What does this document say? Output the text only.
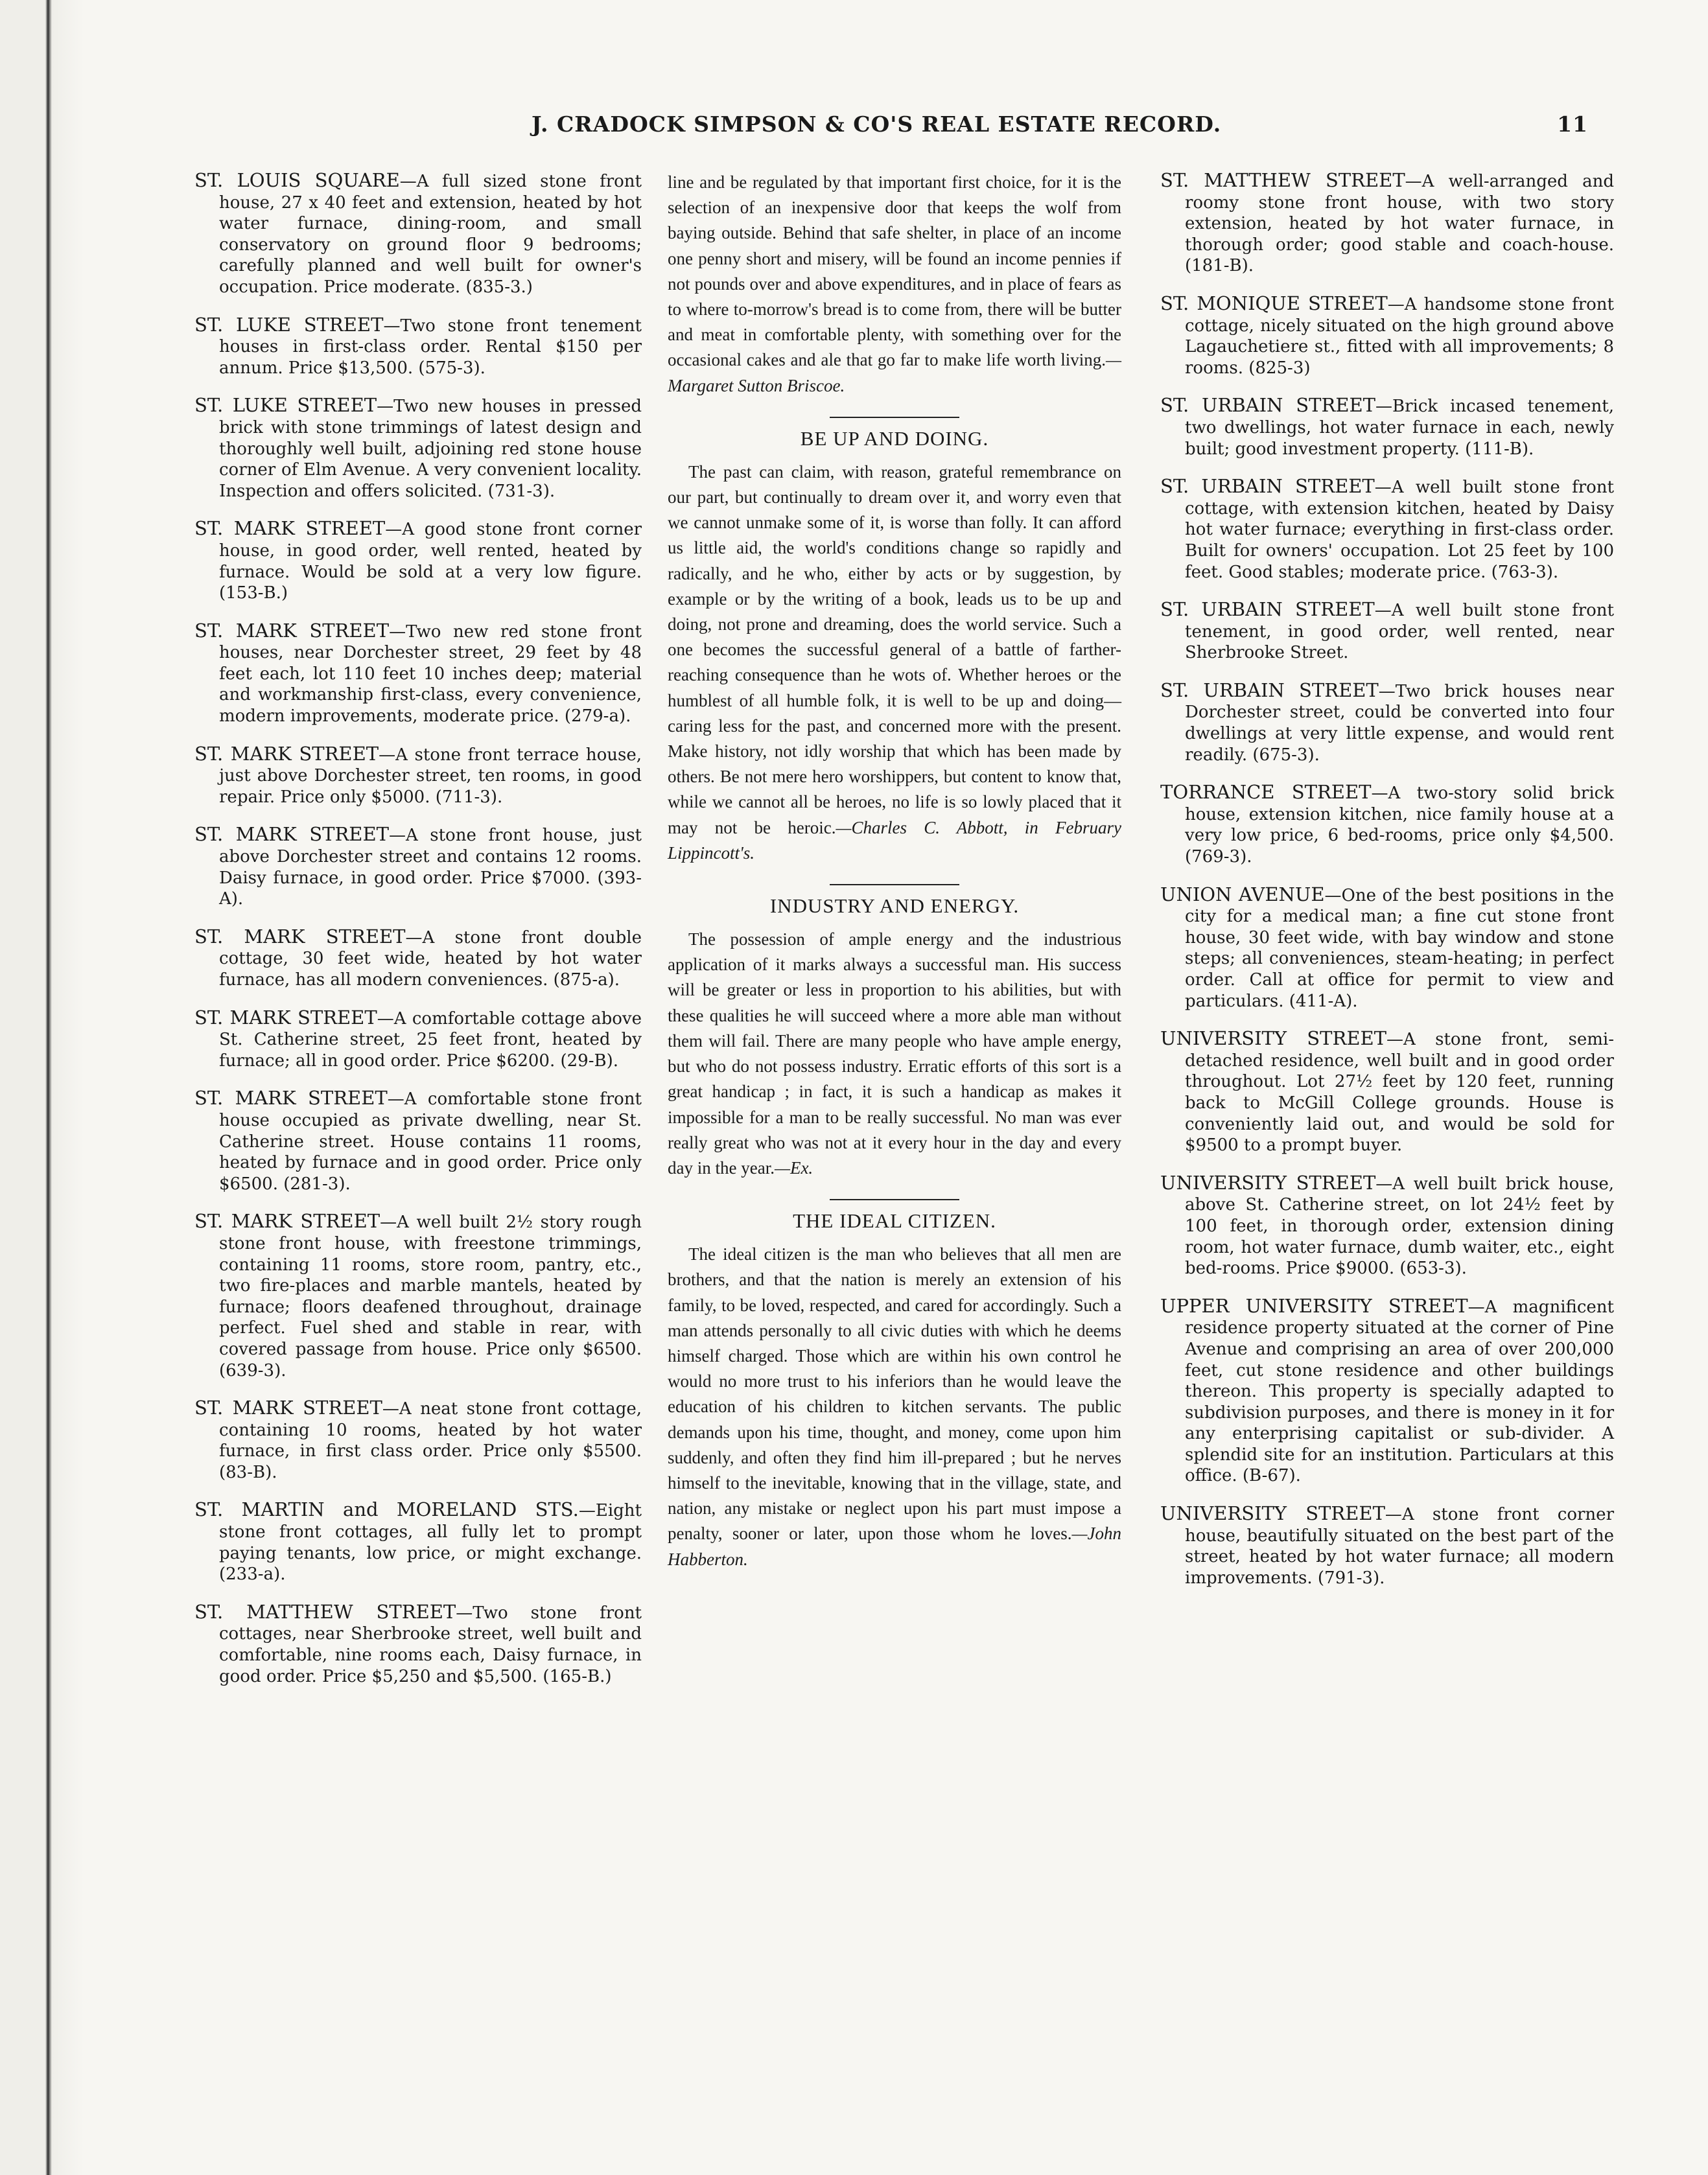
J. CRADOCK SIMPSON & CO'S REAL ESTATE RECORD.	11

ST. LOUIS SQUARE—A full sized stone front house, 27 x 40 feet and extension, heated by hot water furnace, dining-room, and small conservatory on ground floor 9 bedrooms; carefully planned and well built for owner's occupation. Price moderate. (835-3.)

ST. LUKE STREET—Two stone front tenement houses in first-class order. Rental $150 per annum. Price $13,500. (575-3).

ST. LUKE STREET—Two new houses in pressed brick with stone trimmings of latest design and thoroughly well built, adjoining red stone house corner of Elm Avenue. A very convenient locality. Inspection and offers solicited. (731-3).

ST. MARK STREET—A good stone front corner house, in good order, well rented, heated by furnace. Would be sold at a very low figure. (153-B.)

ST. MARK STREET—Two new red stone front houses, near Dorchester street, 29 feet by 48 feet each, lot 110 feet 10 inches deep; material and workmanship first-class, every convenience, modern improvements, moderate price. (279-a).

ST. MARK STREET—A stone front terrace house, just above Dorchester street, ten rooms, in good repair. Price only $5000. (711-3).

ST. MARK STREET—A stone front house, just above Dorchester street and contains 12 rooms. Daisy furnace, in good order. Price $7000. (393-A).

ST. MARK STREET—A stone front double cottage, 30 feet wide, heated by hot water furnace, has all modern conveniences. (875-a).

ST. MARK STREET—A comfortable cottage above St. Catherine street, 25 feet front, heated by furnace; all in good order. Price $6200. (29-B).

ST. MARK STREET—A comfortable stone front house occupied as private dwelling, near St. Catherine street. House contains 11 rooms, heated by furnace and in good order. Price only $6500. (281-3).

ST. MARK STREET—A well built 2½ story rough stone front house, with freestone trimmings, containing 11 rooms, store room, pantry, etc., two fire-places and marble mantels, heated by furnace; floors deafened throughout, drainage perfect. Fuel shed and stable in rear, with covered passage from house. Price only $6500. (639-3).

ST. MARK STREET—A neat stone front cottage, containing 10 rooms, heated by hot water furnace, in first class order. Price only $5500. (83-B).

ST. MARTIN and MORELAND STS.—Eight stone front cottages, all fully let to prompt paying tenants, low price, or might exchange. (233-a).

ST. MATTHEW STREET—Two stone front cottages, near Sherbrooke street, well built and comfortable, nine rooms each, Daisy furnace, in good order. Price $5,250 and $5,500. (165-B.)

line and be regulated by that important first choice, for it is the selection of an inexpensive door that keeps the wolf from baying outside. Behind that safe shelter, in place of an income one penny short and misery, will be found an income pennies if not pounds over and above expenditures, and in place of fears as to where to-morrow's bread is to come from, there will be butter and meat in comfortable plenty, with something over for the occasional cakes and ale that go far to make life worth living.—Margaret Sutton Briscoe.

BE UP AND DOING.

The past can claim, with reason, grateful remembrance on our part, but continually to dream over it, and worry even that we cannot unmake some of it, is worse than folly. It can afford us little aid, the world's conditions change so rapidly and radically, and he who, either by acts or by suggestion, by example or by the writing of a book, leads us to be up and doing, not prone and dreaming, does the world service. Such a one becomes the successful general of a battle of farther-reaching consequence than he wots of. Whether heroes or the humblest of all humble folk, it is well to be up and doing—caring less for the past, and concerned more with the present. Make history, not idly worship that which has been made by others. Be not mere hero worshippers, but content to know that, while we cannot all be heroes, no life is so lowly placed that it may not be heroic.—Charles C. Abbott, in February Lippincott's.

INDUSTRY AND ENERGY.

The possession of ample energy and the industrious application of it marks always a successful man. His success will be greater or less in proportion to his abilities, but with these qualities he will succeed where a more able man without them will fail. There are many people who have ample energy, but who do not possess industry. Erratic efforts of this sort is a great handicap ; in fact, it is such a handicap as makes it impossible for a man to be really successful. No man was ever really great who was not at it every hour in the day and every day in the year.—Ex.

THE IDEAL CITIZEN.

The ideal citizen is the man who believes that all men are brothers, and that the nation is merely an extension of his family, to be loved, respected, and cared for accordingly. Such a man attends personally to all civic duties with which he deems himself charged. Those which are within his own control he would no more trust to his inferiors than he would leave the education of his children to kitchen servants. The public demands upon his time, thought, and money, come upon him suddenly, and often they find him ill-prepared ; but he nerves himself to the inevitable, knowing that in the village, state, and nation, any mistake or neglect upon his part must impose a penalty, sooner or later, upon those whom he loves.—John Habberton.

ST. MATTHEW STREET—A well-arranged and roomy stone front house, with two story extension, heated by hot water furnace, in thorough order; good stable and coach-house. (181-B).

ST. MONIQUE STREET—A handsome stone front cottage, nicely situated on the high ground above Lagauchetiere st., fitted with all improvements; 8 rooms. (825-3)

ST. URBAIN STREET—Brick incased tenement, two dwellings, hot water furnace in each, newly built; good investment property. (111-B).

ST. URBAIN STREET—A well built stone front cottage, with extension kitchen, heated by Daisy hot water furnace; everything in first-class order. Built for owners' occupation. Lot 25 feet by 100 feet. Good stables; moderate price. (763-3).

ST. URBAIN STREET—A well built stone front tenement, in good order, well rented, near Sherbrooke Street.

ST. URBAIN STREET—Two brick houses near Dorchester street, could be converted into four dwellings at very little expense, and would rent readily. (675-3).

TORRANCE STREET—A two-story solid brick house, extension kitchen, nice family house at a very low price, 6 bed-rooms, price only $4,500. (769-3).

UNION AVENUE—One of the best positions in the city for a medical man; a fine cut stone front house, 30 feet wide, with bay window and stone steps; all conveniences, steam-heating; in perfect order. Call at office for permit to view and particulars. (411-A).

UNIVERSITY STREET—A stone front, semi-detached residence, well built and in good order throughout. Lot 27½ feet by 120 feet, running back to McGill College grounds. House is conveniently laid out, and would be sold for $9500 to a prompt buyer.

UNIVERSITY STREET—A well built brick house, above St. Catherine street, on lot 24½ feet by 100 feet, in thorough order, extension dining room, hot water furnace, dumb waiter, etc., eight bed-rooms. Price $9000. (653-3).

UPPER UNIVERSITY STREET—A magnificent residence property situated at the corner of Pine Avenue and comprising an area of over 200,000 feet, cut stone residence and other buildings thereon. This property is specially adapted to subdivision purposes, and there is money in it for any enterprising capitalist or sub-divider. A splendid site for an institution. Particulars at this office. (B-67).

UNIVERSITY STREET—A stone front corner house, beautifully situated on the best part of the street, heated by hot water furnace; all modern improvements. (791-3).
